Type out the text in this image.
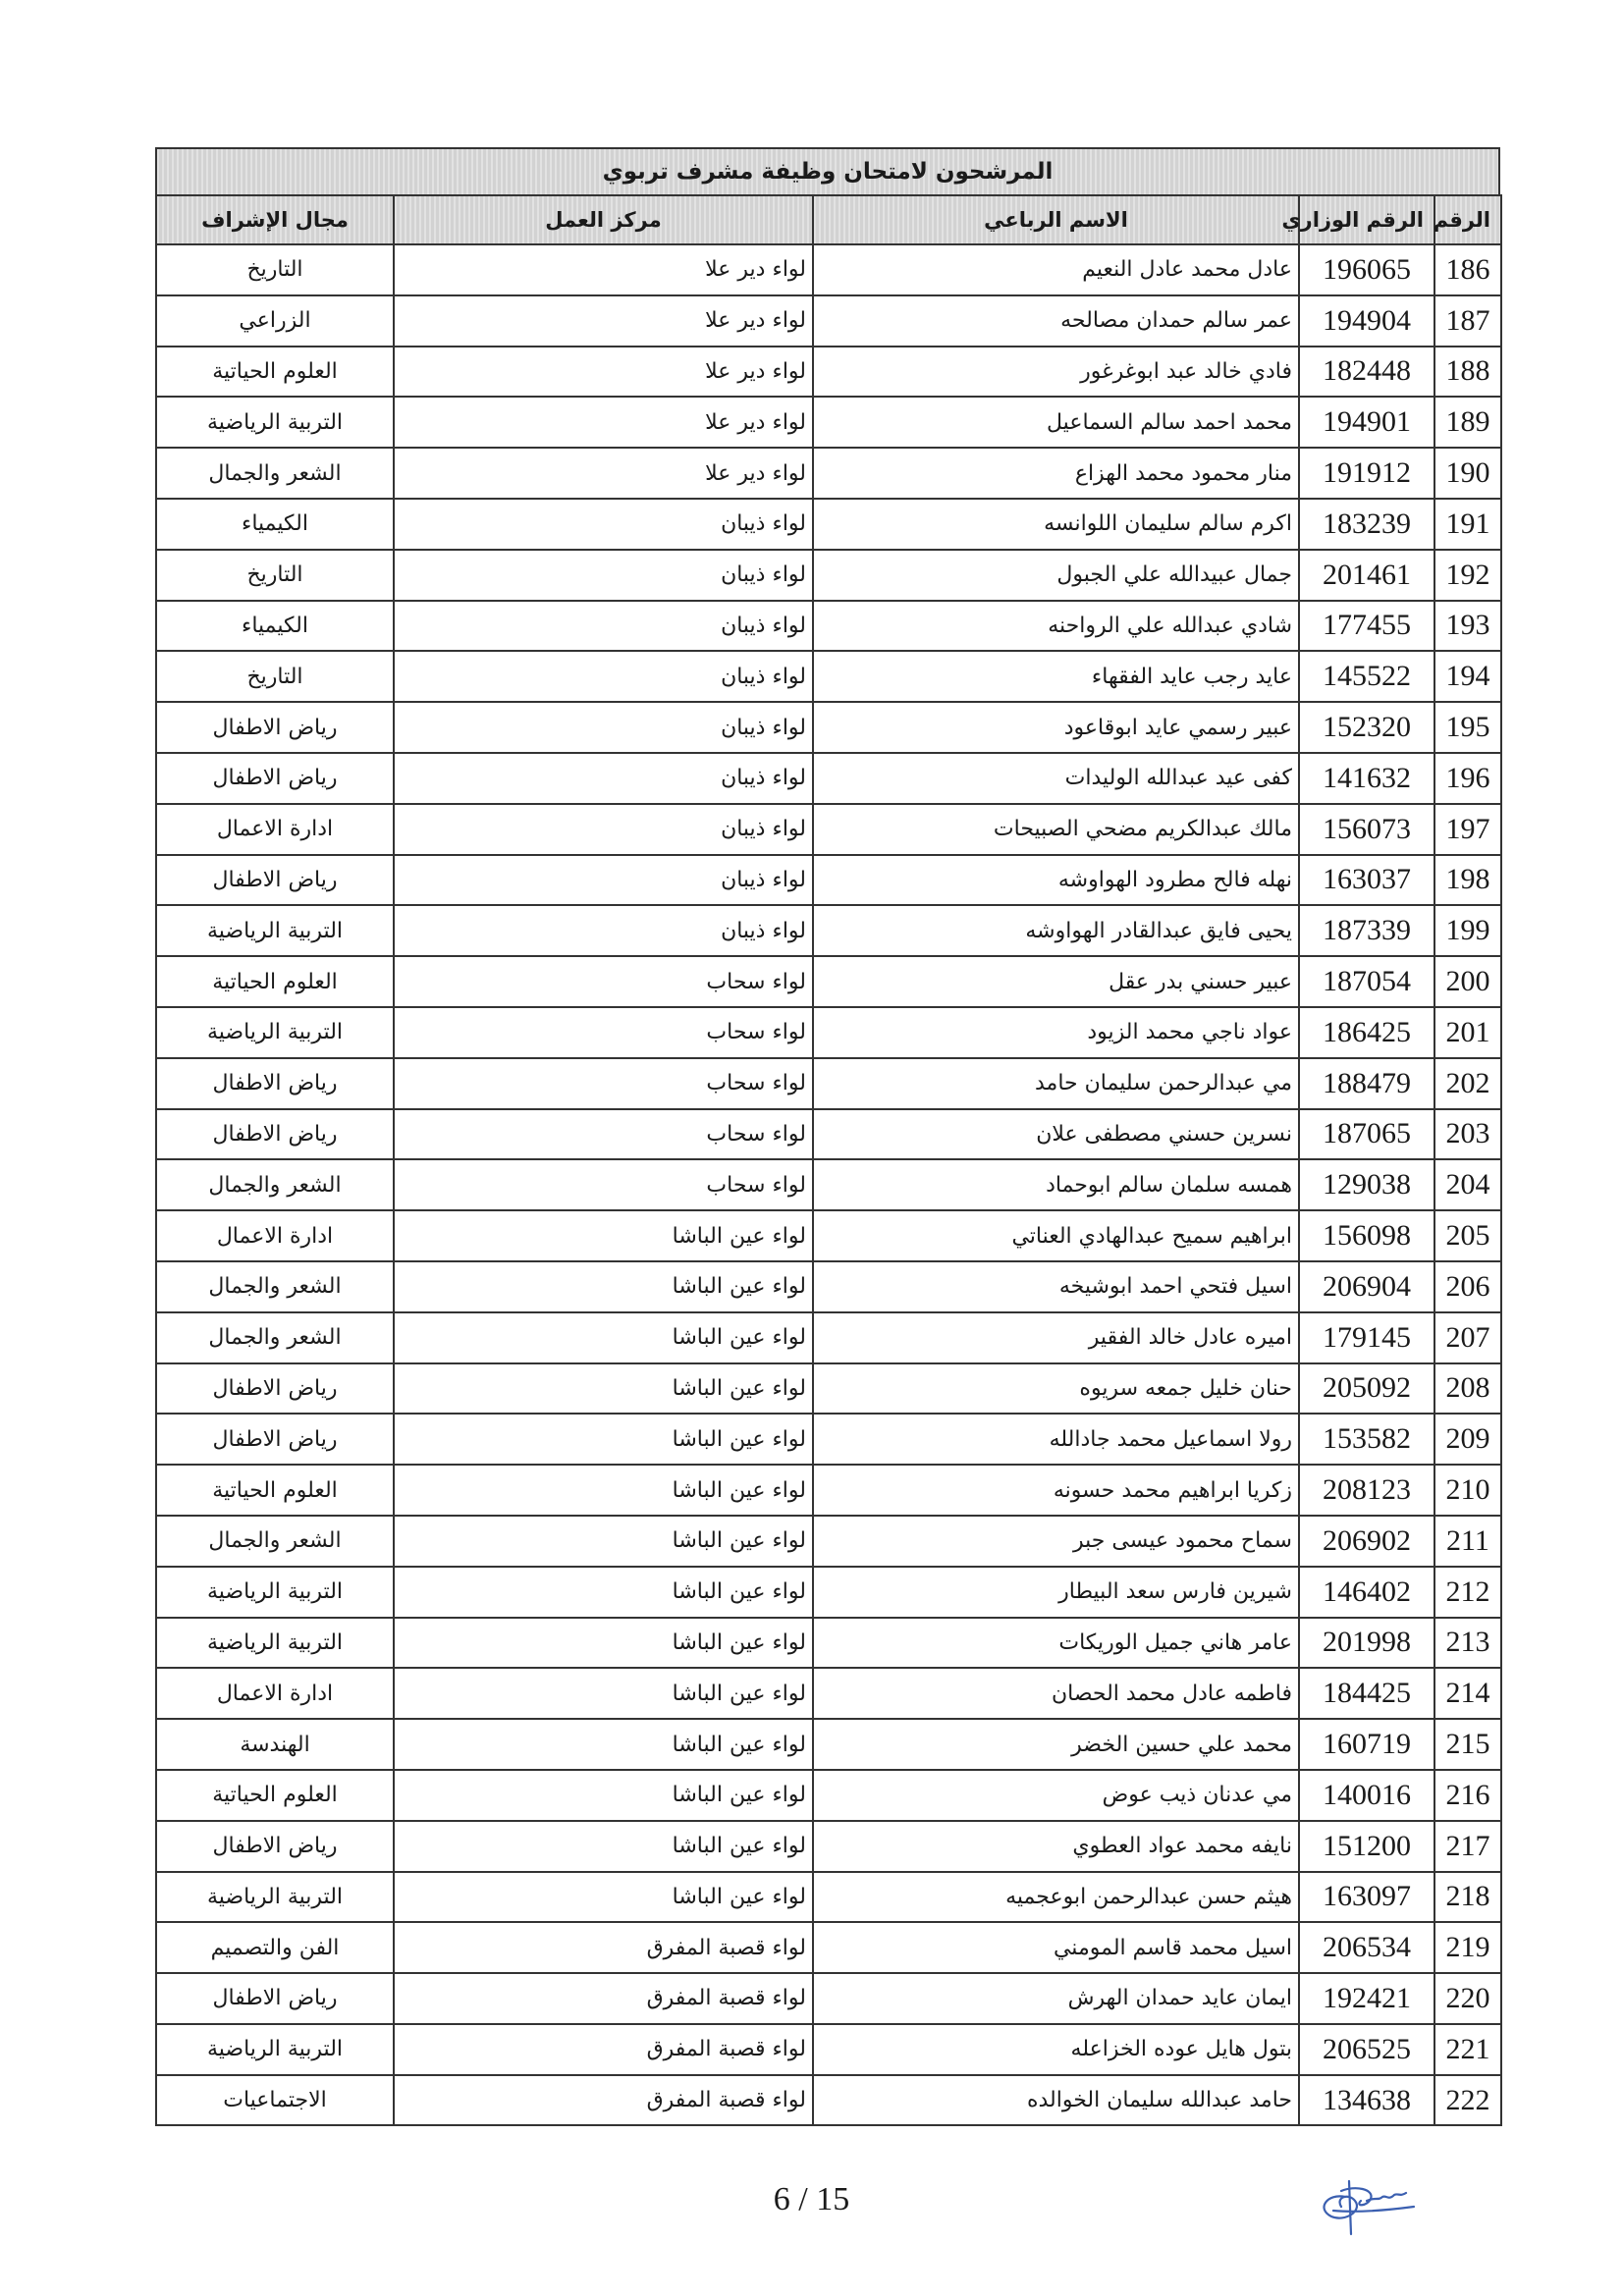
المرشحون لامتحان وظيفة مشرف تربوي
الرقم	الرقم الوزاري	الاسم الرباعي	مركز العمل	مجال الإشراف
186	196065	عادل محمد عادل النعيم	لواء دير علا	التاريخ
187	194904	عمر سالم حمدان مصالحه	لواء دير علا	الزراعي
188	182448	فادي خالد عبد ابوغرغور	لواء دير علا	العلوم الحياتية
189	194901	محمد احمد سالم السماعيل	لواء دير علا	التربية الرياضية
190	191912	منار محمود محمد الهزاع	لواء دير علا	الشعر والجمال
191	183239	اكرم سالم سليمان اللوانسه	لواء ذيبان	الكيمياء
192	201461	جمال عبيدالله علي الجبول	لواء ذيبان	التاريخ
193	177455	شادي عبدالله علي الرواحنه	لواء ذيبان	الكيمياء
194	145522	عايد رجب عايد الفقهاء	لواء ذيبان	التاريخ
195	152320	عبير رسمي عايد ابوقاعود	لواء ذيبان	رياض الاطفال
196	141632	كفى عيد عبدالله الوليدات	لواء ذيبان	رياض الاطفال
197	156073	مالك عبدالكريم مضحي الصبيحات	لواء ذيبان	ادارة الاعمال
198	163037	نهله فالح مطرود الهواوشه	لواء ذيبان	رياض الاطفال
199	187339	يحيى فايق عبدالقادر الهواوشه	لواء ذيبان	التربية الرياضية
200	187054	عبير حسني بدر عقل	لواء سحاب	العلوم الحياتية
201	186425	عواد ناجي محمد الزيود	لواء سحاب	التربية الرياضية
202	188479	مي عبدالرحمن سليمان حامد	لواء سحاب	رياض الاطفال
203	187065	نسرين حسني مصطفى علان	لواء سحاب	رياض الاطفال
204	129038	همسه سلمان سالم ابوحماد	لواء سحاب	الشعر والجمال
205	156098	ابراهيم سميح عبدالهادي العناتي	لواء عين الباشا	ادارة الاعمال
206	206904	اسيل فتحي احمد ابوشيخه	لواء عين الباشا	الشعر والجمال
207	179145	اميره عادل خالد الفقير	لواء عين الباشا	الشعر والجمال
208	205092	حنان خليل جمعه سريوه	لواء عين الباشا	رياض الاطفال
209	153582	رولا اسماعيل محمد جادالله	لواء عين الباشا	رياض الاطفال
210	208123	زكريا ابراهيم محمد حسونه	لواء عين الباشا	العلوم الحياتية
211	206902	سماح محمود عيسى جبر	لواء عين الباشا	الشعر والجمال
212	146402	شيرين فارس سعد البيطار	لواء عين الباشا	التربية الرياضية
213	201998	عامر هاني جميل الوريكات	لواء عين الباشا	التربية الرياضية
214	184425	فاطمه عادل محمد الحصان	لواء عين الباشا	ادارة الاعمال
215	160719	محمد علي حسين الخضر	لواء عين الباشا	الهندسة
216	140016	مي عدنان ذيب عوض	لواء عين الباشا	العلوم الحياتية
217	151200	نايفه محمد عواد العطوي	لواء عين الباشا	رياض الاطفال
218	163097	هيثم حسن عبدالرحمن ابوعجميه	لواء عين الباشا	التربية الرياضية
219	206534	اسيل محمد قاسم المومني	لواء قصبة المفرق	الفن والتصميم
220	192421	ايمان عايد حمدان الهرش	لواء قصبة المفرق	رياض الاطفال
221	206525	بتول هايل عوده الخزاعله	لواء قصبة المفرق	التربية الرياضية
222	134638	حامد عبدالله سليمان الخوالده	لواء قصبة المفرق	الاجتماعيات
6 / 15
